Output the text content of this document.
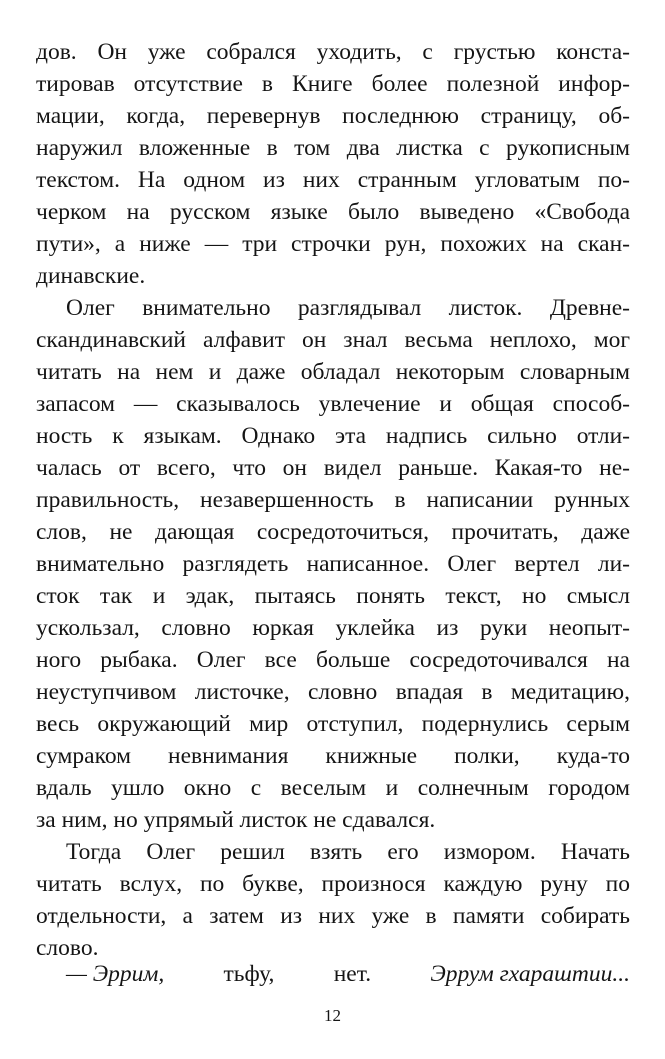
дов. Он уже собрался уходить, с грустью конста-
тировав отсутствие в Книге более полезной инфор-
мации, когда, перевернув последнюю страницу, об-
наружил вложенные в том два листка с рукописным
текстом. На одном из них странным угловатым по-
черком на русском языке было выведено «Свобода
пути», а ниже — три строчки рун, похожих на скан-
динавские.
Олег внимательно разглядывал листок. Древне-
скандинавский алфавит он знал весьма неплохо, мог
читать на нем и даже обладал некоторым словарным
запасом — сказывалось увлечение и общая способ-
ность к языкам. Однако эта надпись сильно отли-
чалась от всего, что он видел раньше. Какая-то не-
правильность, незавершенность в написании рунных
слов, не дающая сосредоточиться, прочитать, даже
внимательно разглядеть написанное. Олег вертел ли-
сток так и эдак, пытаясь понять текст, но смысл
ускользал, словно юркая уклейка из руки неопыт-
ного рыбака. Олег все больше сосредоточивался на
неуступчивом листочке, словно впадая в медитацию,
весь окружающий мир отступил, подернулись серым
сумраком невнимания книжные полки, куда-то
вдаль ушло окно с веселым и солнечным городом
за ним, но упрямый листок не сдавался.
Тогда Олег решил взять его измором. Начать
читать вслух, по букве, произнося каждую руну по
отдельности, а затем из них уже в памяти собирать
слово.
— Эррим,	тьфу,	нет.	Эррум гхараштии...
12
